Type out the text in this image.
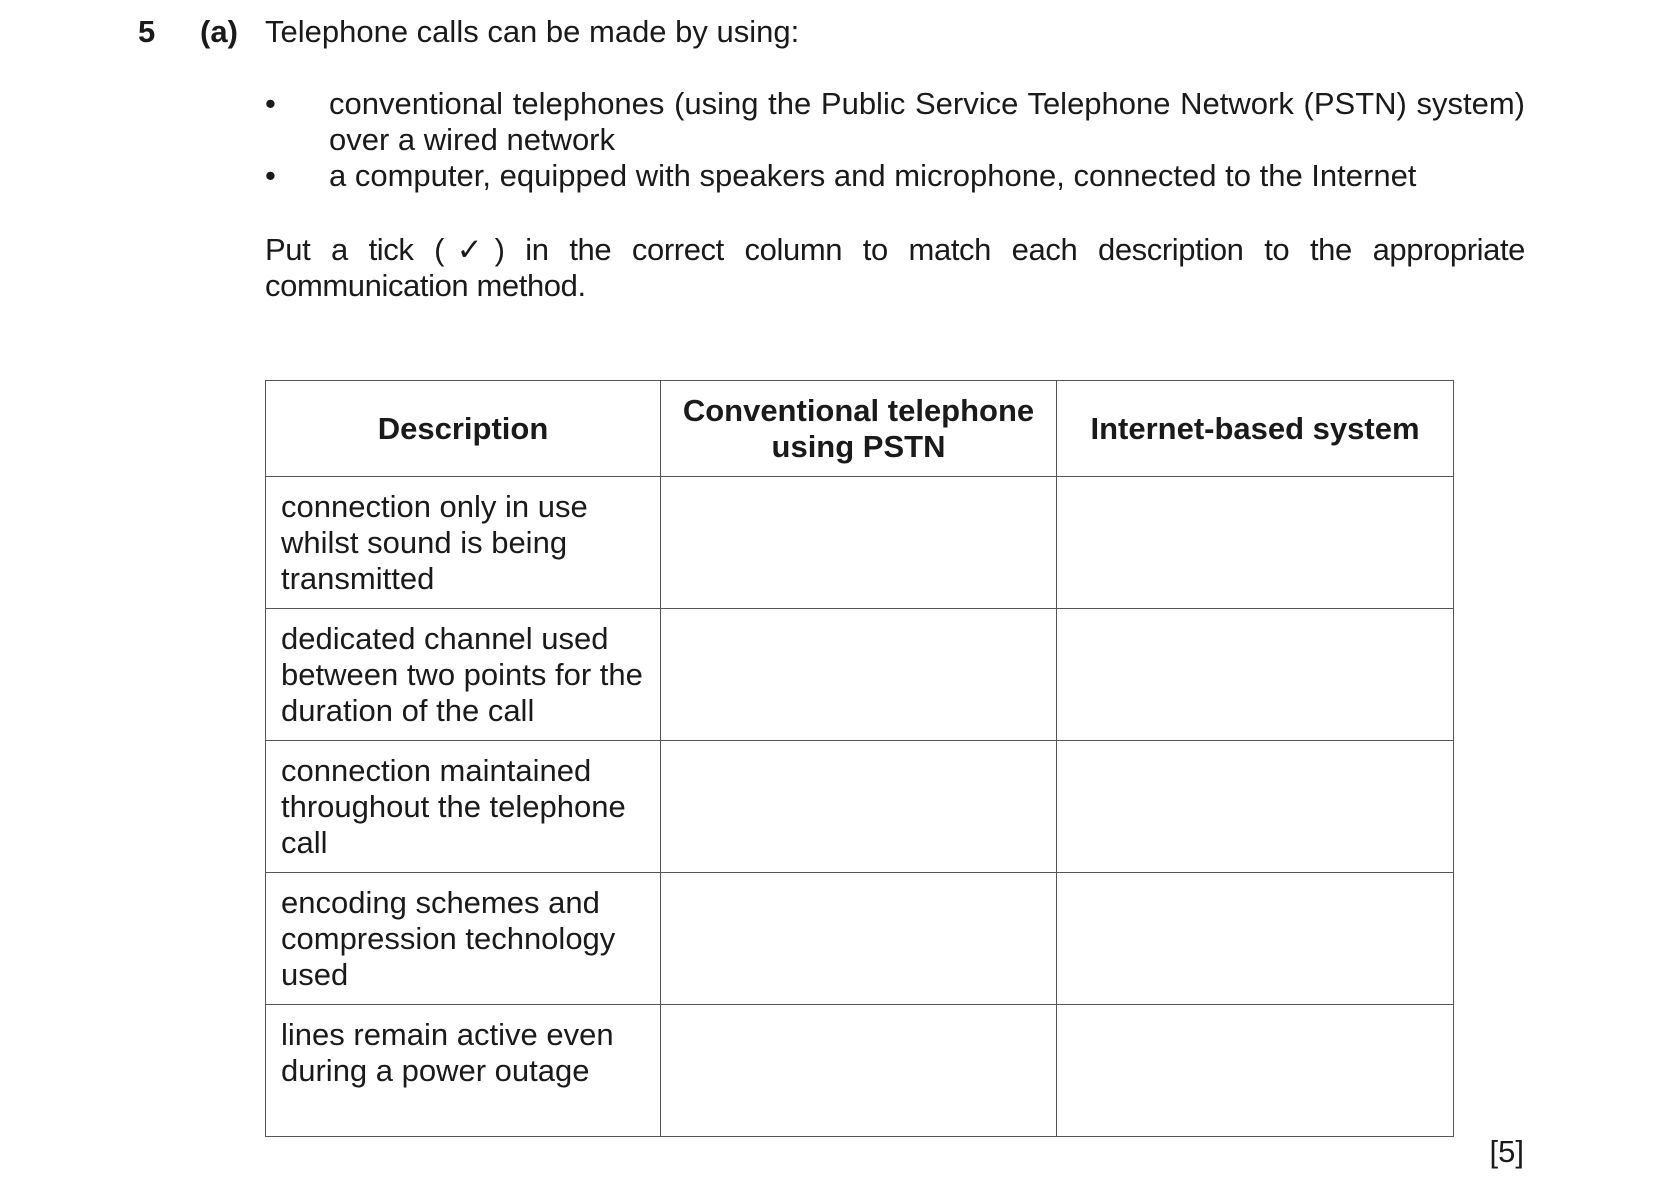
5 (a) Telephone calls can be made by using:
• conventional telephones (using the Public Service Telephone Network (PSTN) system) over a wired network
• a computer, equipped with speakers and microphone, connected to the Internet
Put a tick (✓) in the correct column to match each description to the appropriate communication method.
Description	Conventional telephone using PSTN	Internet-based system
connection only in use whilst sound is being transmitted		
dedicated channel used between two points for the duration of the call		
connection maintained throughout the telephone call		
encoding schemes and compression technology used		
lines remain active even during a power outage		
[5]
